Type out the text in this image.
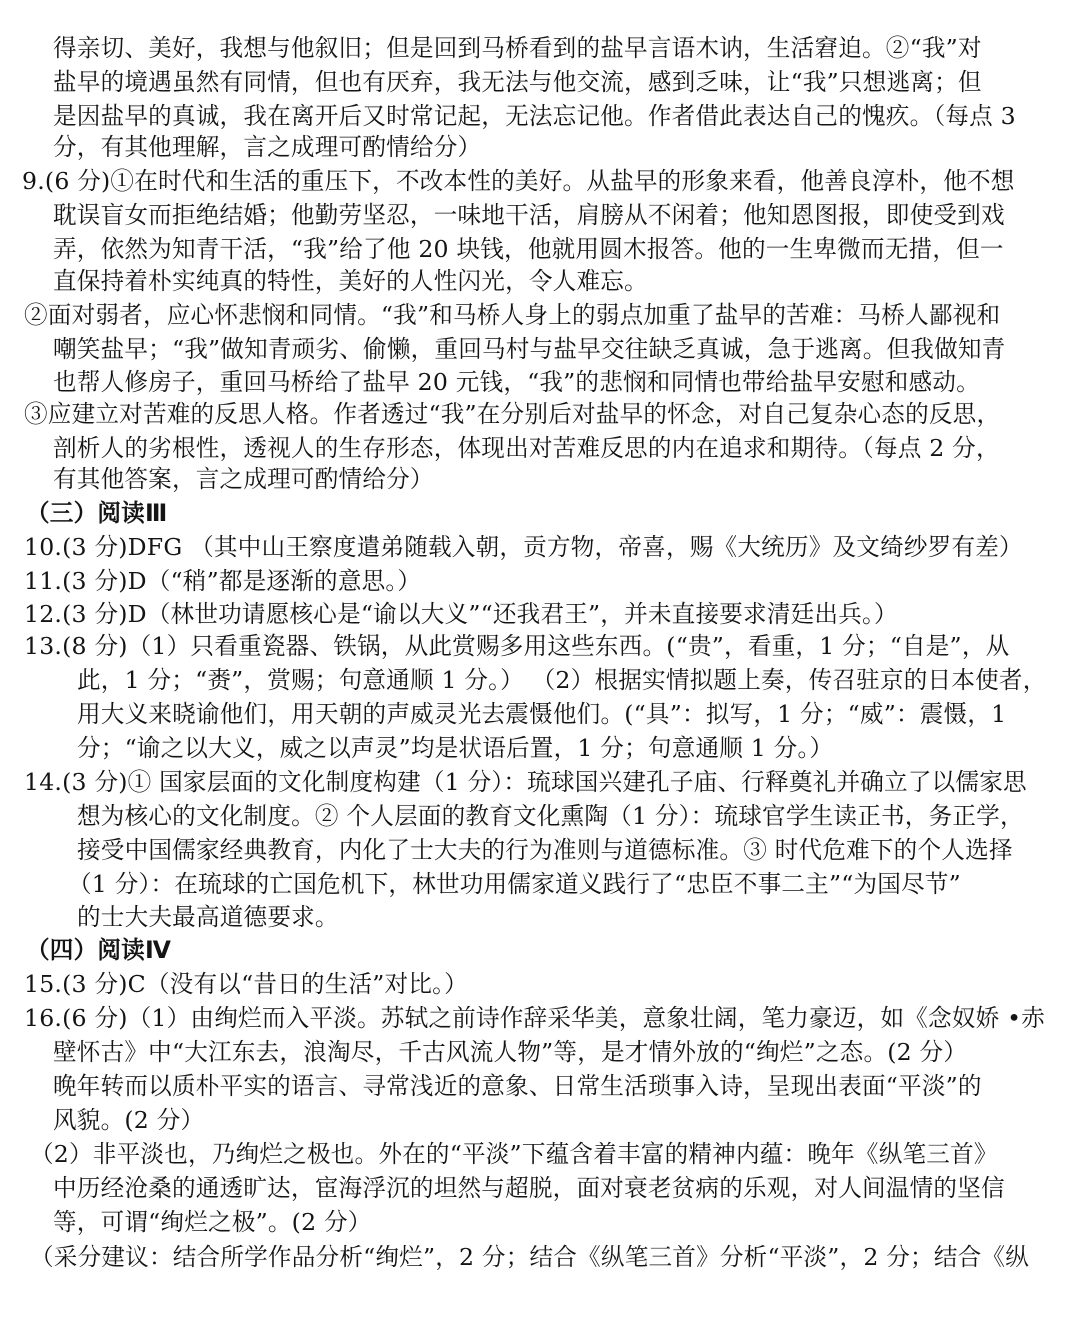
得亲切、美好，我想与他叙旧；但是回到马桥看到的盐早言语木讷，生活窘迫。②“我”对
盐早的境遇虽然有同情，但也有厌弃，我无法与他交流，感到乏味，让“我”只想逃离；但
是因盐早的真诚，我在离开后又时常记起，无法忘记他。作者借此表达自己的愧疚。（每点 3
分，有其他理解，言之成理可酌情给分）
9.(6 分)①在时代和生活的重压下，不改本性的美好。从盐早的形象来看，他善良淳朴，他不想
耽误盲女而拒绝结婚；他勤劳坚忍，一味地干活，肩膀从不闲着；他知恩图报，即使受到戏
弄，依然为知青干活，“我”给了他 20 块钱，他就用圆木报答。他的一生卑微而无措，但一
直保持着朴实纯真的特性，美好的人性闪光，令人难忘。
②面对弱者，应心怀悲悯和同情。“我”和马桥人身上的弱点加重了盐早的苦难：马桥人鄙视和
嘲笑盐早；“我”做知青顽劣、偷懒，重回马村与盐早交往缺乏真诚，急于逃离。但我做知青
也帮人修房子，重回马桥给了盐早 20 元钱，“我”的悲悯和同情也带给盐早安慰和感动。
③应建立对苦难的反思人格。作者透过“我”在分别后对盐早的怀念，对自己复杂心态的反思，
剖析人的劣根性，透视人的生存形态，体现出对苦难反思的内在追求和期待。（每点 2 分，
有其他答案，言之成理可酌情给分）
（三）阅读Ⅲ
10.(3 分)DFG （其中山王察度遣弟随载入朝，贡方物，帝喜，赐《大统历》及文绮纱罗有差）
11.(3 分)D（“稍”都是逐渐的意思。）
12.(3 分)D（林世功请愿核心是“谕以大义”“还我君王”，并未直接要求清廷出兵。）
13.(8 分)（1）只看重瓷器、铁锅，从此赏赐多用这些东西。(“贵”，看重，1 分；“自是”，从
此，1 分；“赉”，赏赐；句意通顺 1 分。） （2）根据实情拟题上奏，传召驻京的日本使者，
用大义来晓谕他们，用天朝的声威灵光去震慑他们。(“具”：拟写，1 分；“威”：震慑，1
分；“谕之以大义，威之以声灵”均是状语后置，1 分；句意通顺 1 分。）
14.(3 分)① 国家层面的文化制度构建（1 分）：琉球国兴建孔子庙、行释奠礼并确立了以儒家思
想为核心的文化制度。② 个人层面的教育文化熏陶（1 分）：琉球官学生读正书，务正学，
接受中国儒家经典教育，内化了士大夫的行为准则与道德标准。③ 时代危难下的个人选择
（1 分）：在琉球的亡国危机下，林世功用儒家道义践行了“忠臣不事二主”“为国尽节”
的士大夫最高道德要求。
（四）阅读Ⅳ
15.(3 分)C（没有以“昔日的生活”对比。）
16.(6 分)（1）由绚烂而入平淡。苏轼之前诗作辞采华美，意象壮阔，笔力豪迈，如《念奴娇 •赤
壁怀古》中“大江东去，浪淘尽，千古风流人物”等，是才情外放的“绚烂”之态。(2 分）
晚年转而以质朴平实的语言、寻常浅近的意象、日常生活琐事入诗，呈现出表面“平淡”的
风貌。(2 分）
（2）非平淡也，乃绚烂之极也。外在的“平淡”下蕴含着丰富的精神内蕴：晚年《纵笔三首》
中历经沧桑的通透旷达，宦海浮沉的坦然与超脱，面对衰老贫病的乐观，对人间温情的坚信
等，可谓“绚烂之极”。(2 分）
（采分建议：结合所学作品分析“绚烂”，2 分；结合《纵笔三首》分析“平淡”，2 分；结合《纵
